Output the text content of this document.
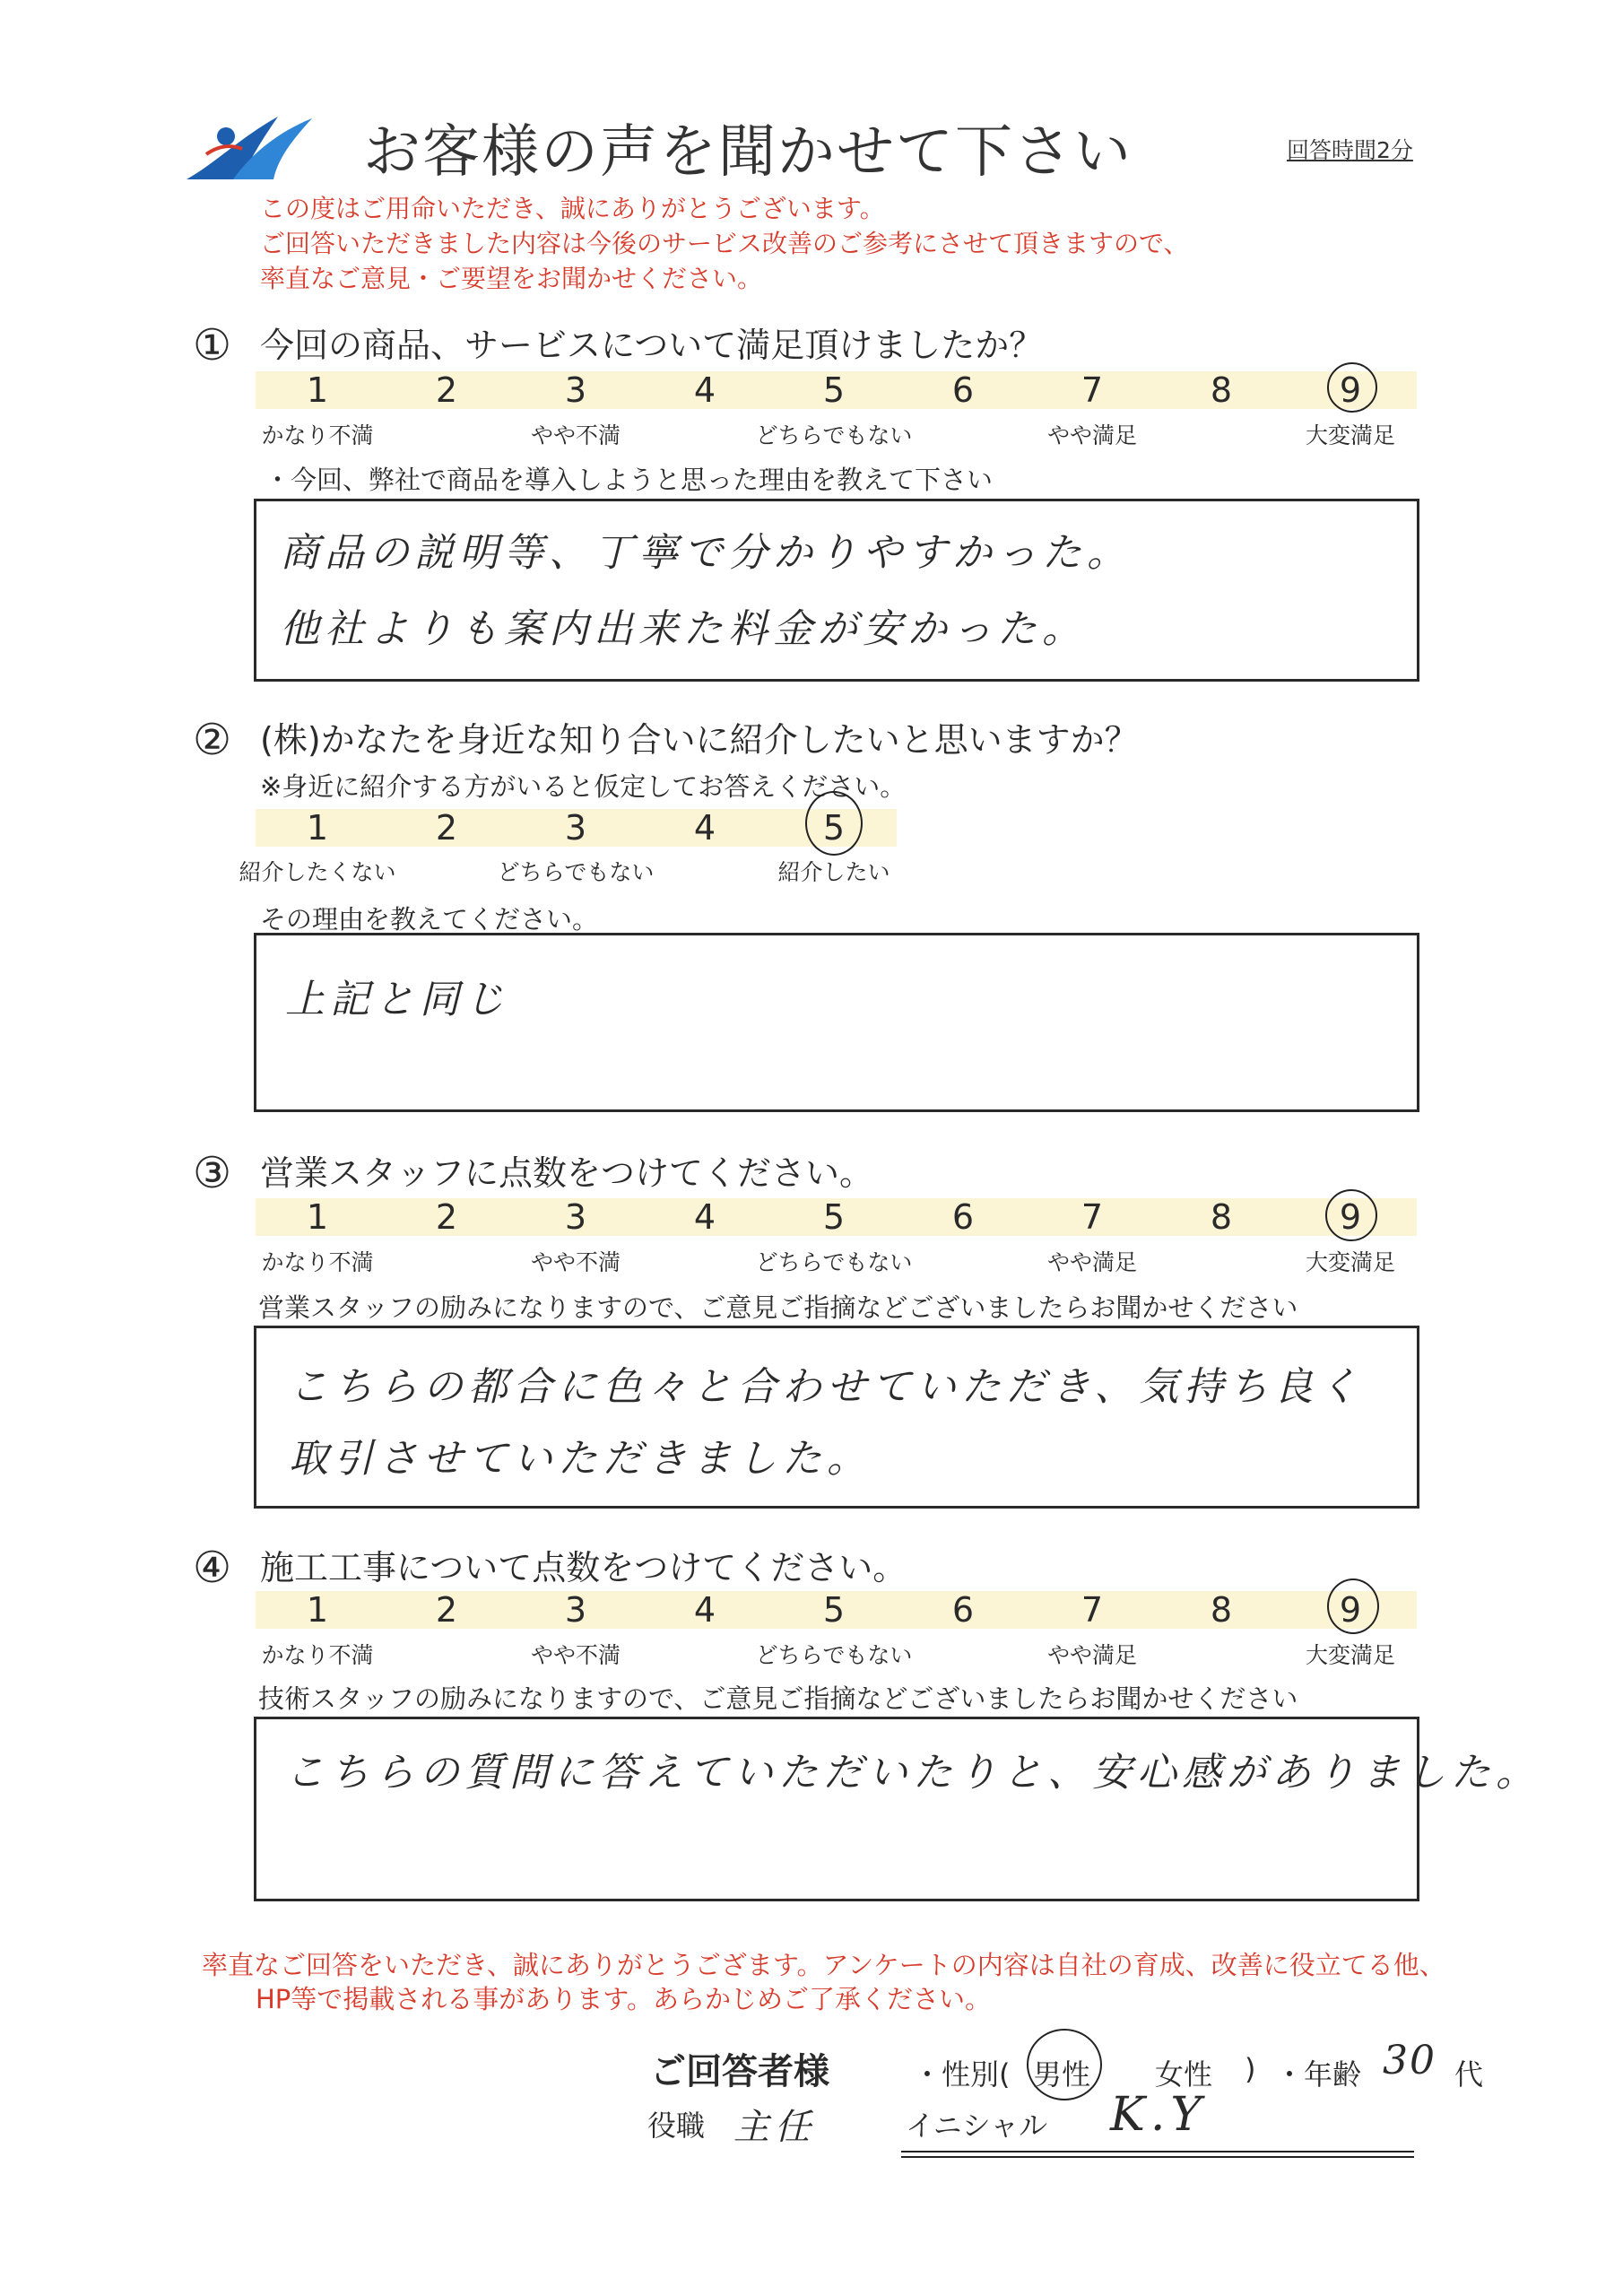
お客様の声を聞かせて下さい	回答時間2分
この度はご用命いただき、誠にありがとうございます。
ご回答いただきました内容は今後のサービス改善のご参考にさせて頂きますので、
率直なご意見・ご要望をお聞かせください。
① 今回の商品、サービスについて満足頂けましたか？
1	2	3	4	5	6	7	8	9
かなり不満	やや不満	どちらでもない	やや満足	大変満足
・今回、弊社で商品を導入しようと思った理由を教えて下さい
商品の説明等、丁寧で分かりやすかった。
他社よりも案内出来た料金が安かった。
② (株)かなたを身近な知り合いに紹介したいと思いますか？
※身近に紹介する方がいると仮定してお答えください。
1	2	3	4	5
紹介したくない	どちらでもない	紹介したい
その理由を教えてください。
上記と同じ
③ 営業スタッフに点数をつけてください。
1	2	3	4	5	6	7	8	9
かなり不満	やや不満	どちらでもない	やや満足	大変満足
営業スタッフの励みになりますので、ご意見ご指摘などございましたらお聞かせください
こちらの都合に色々と合わせていただき、気持ち良く
取引させていただきました。
④ 施工工事について点数をつけてください。
1	2	3	4	5	6	7	8	9
かなり不満	やや不満	どちらでもない	やや満足	大変満足
技術スタッフの励みになりますので、ご意見ご指摘などございましたらお聞かせください
こちらの質問に答えていただいたりと、安心感がありました。
率直なご回答をいただき、誠にありがとうござます。アンケートの内容は自社の育成、改善に役立てる他、
HP等で掲載される事があります。あらかじめご了承ください。
ご回答者様	・性別( 男性 女性 ) ・年齢 30 代
役職 主任	イニシャル K.Y
